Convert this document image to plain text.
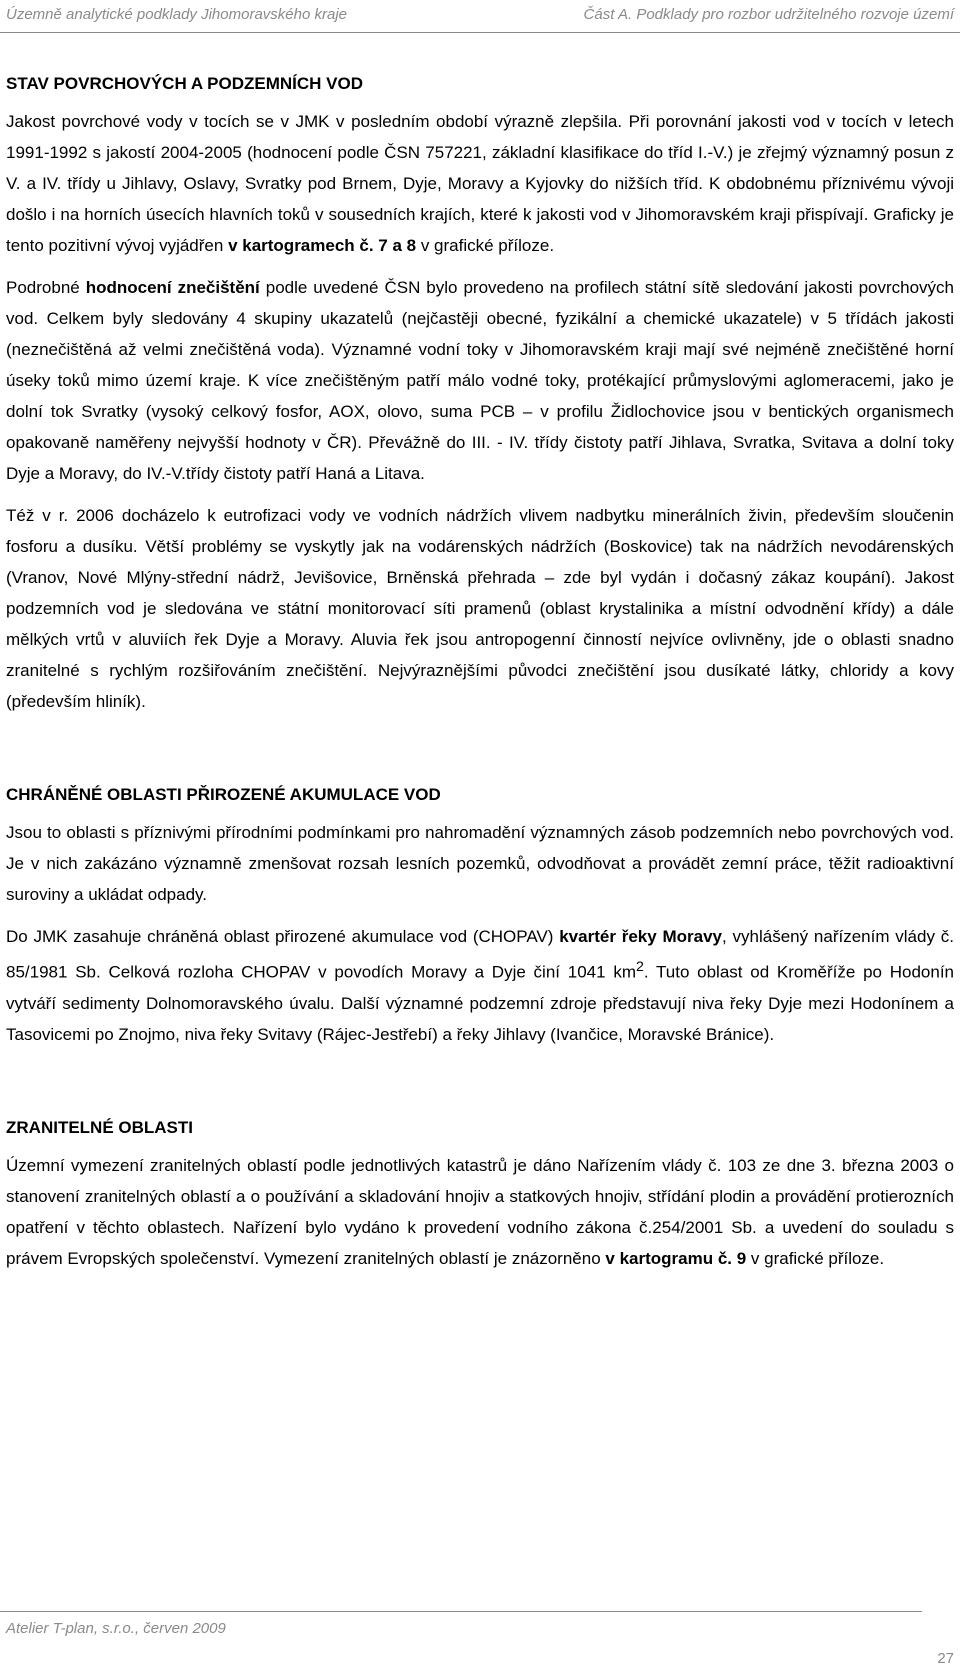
Územně analytické podklady Jihomoravského kraje	Část A. Podklady pro rozbor udržitelného rozvoje území
STAV POVRCHOVÝCH A PODZEMNÍCH VOD

Jakost povrchové vody v tocích se v JMK v posledním období výrazně zlepšila. Při porovnání jakosti vod v tocích v letech 1991-1992 s jakostí 2004-2005 (hodnocení podle ČSN 757221, základní klasifikace do tříd I.-V.) je zřejmý významný posun z V. a IV. třídy u Jihlavy, Oslavy, Svratky pod Brnem, Dyje, Moravy a Kyjovky do nižších tříd. K obdobnému příznivému vývoji došlo i na horních úsecích hlavních toků v sousedních krajích, které k jakosti vod v Jihomoravském kraji přispívají. Graficky je tento pozitivní vývoj vyjádřen v kartogramech č. 7 a 8 v grafické příloze.

Podrobné hodnocení znečištění podle uvedené ČSN bylo provedeno na profilech státní sítě sledování jakosti povrchových vod. Celkem byly sledovány 4 skupiny ukazatelů (nejčastěji obecné, fyzikální a chemické ukazatele) v 5 třídách jakosti (neznečištěná až velmi znečištěná voda). Významné vodní toky v Jihomoravském kraji mají své nejméně znečištěné horní úseky toků mimo území kraje. K více znečištěným patří málo vodné toky, protékající průmyslovými aglomeracemi, jako je dolní tok Svratky (vysoký celkový fosfor, AOX, olovo, suma PCB – v profilu Židlochovice jsou v bentických organismech opakovaně naměřeny nejvyšší hodnoty v ČR). Převážně do III. - IV. třídy čistoty patří Jihlava, Svratka, Svitava a dolní toky Dyje a Moravy, do IV.-V.třídy čistoty patří Haná a Litava.

Též v r. 2006 docházelo k eutrofizaci vody ve vodních nádržích vlivem nadbytku minerálních živin, především sloučenin fosforu a dusíku. Větší problémy se vyskytly jak na vodárenských nádržích (Boskovice) tak na nádržích nevodárenských (Vranov, Nové Mlýny-střední nádrž, Jevišovice, Brněnská přehrada – zde byl vydán i dočasný zákaz koupání). Jakost podzemních vod je sledována ve státní monitorovací síti pramenů (oblast krystalinika a místní odvodnění křídy) a dále mělkých vrtů v aluviích řek Dyje a Moravy. Aluvia řek jsou antropogenní činností nejvíce ovlivněny, jde o oblasti snadno zranitelné s rychlým rozšiřováním znečištění. Nejvýraznějšími původci znečištění jsou dusíkaté látky, chloridy a kovy (především hliník).

CHRÁNĚNÉ OBLASTI PŘIROZENÉ AKUMULACE VOD

Jsou to oblasti s příznivými přírodními podmínkami pro nahromadění významných zásob podzemních nebo povrchových vod. Je v nich zakázáno významně zmenšovat rozsah lesních pozemků, odvodňovat a provádět zemní práce, těžit radioaktivní suroviny a ukládat odpady.

Do JMK zasahuje chráněná oblast přirozené akumulace vod (CHOPAV) kvartér řeky Moravy, vyhlášený nařízením vlády č. 85/1981 Sb. Celková rozloha CHOPAV v povodích Moravy a Dyje činí 1041 $km^2$. Tuto oblast od Kroměříže po Hodonín vytváří sedimenty Dolnomoravského úvalu. Další významné podzemní zdroje představují niva řeky Dyje mezi Hodonínem a Tasovicemi po Znojmo, niva řeky Svitavy (Rájec-Jestřebí) a řeky Jihlavy (Ivančice, Moravské Bránice).

ZRANITELNÉ OBLASTI

Územní vymezení zranitelných oblastí podle jednotlivých katastrů je dáno Nařízením vlády č. 103 ze dne 3. března 2003 o stanovení zranitelných oblastí a o používání a skladování hnojiv a statkových hnojiv, střídání plodin a provádění protierozních opatření v těchto oblastech. Nařízení bylo vydáno k provedení vodního zákona č.254/2001 Sb. a uvedení do souladu s právem Evropských společenství. Vymezení zranitelných oblastí je znázorněno v kartogramu č. 9 v grafické příloze.

Atelier T-plan, s.r.o., červen 2009
27
